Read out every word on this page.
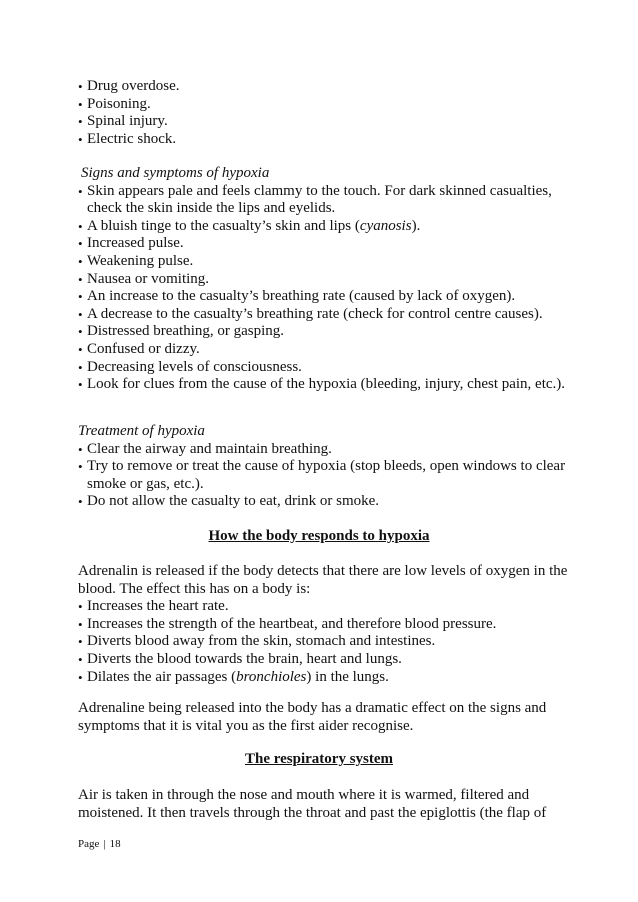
• Drug overdose.
• Poisoning.
• Spinal injury.
• Electric shock.
Signs and symptoms of hypoxia
• Skin appears pale and feels clammy to the touch. For dark skinned casualties, check the skin inside the lips and eyelids.
• A bluish tinge to the casualty’s skin and lips (cyanosis).
• Increased pulse.
• Weakening pulse.
• Nausea or vomiting.
• An increase to the casualty’s breathing rate (caused by lack of oxygen).
• A decrease to the casualty’s breathing rate (check for control centre causes).
• Distressed breathing, or gasping.
• Confused or dizzy.
• Decreasing levels of consciousness.
• Look for clues from the cause of the hypoxia (bleeding, injury, chest pain, etc.).
Treatment of hypoxia
• Clear the airway and maintain breathing.
• Try to remove or treat the cause of hypoxia (stop bleeds, open windows to clear smoke or gas, etc.).
• Do not allow the casualty to eat, drink or smoke.
How the body responds to hypoxia

Adrenalin is released if the body detects that there are low levels of oxygen in the blood. The effect this has on a body is:

• Increases the heart rate.
• Increases the strength of the heartbeat, and therefore blood pressure.
• Diverts blood away from the skin, stomach and intestines.
• Diverts the blood towards the brain, heart and lungs.
• Dilates the air passages (bronchioles) in the lungs.

Adrenaline being released into the body has a dramatic effect on the signs and symptoms that it is vital you as the first aider recognise.

The respiratory system

Air is taken in through the nose and mouth where it is warmed, filtered and moistened. It then travels through the throat and past the epiglottis (the flap of

Page | 18
